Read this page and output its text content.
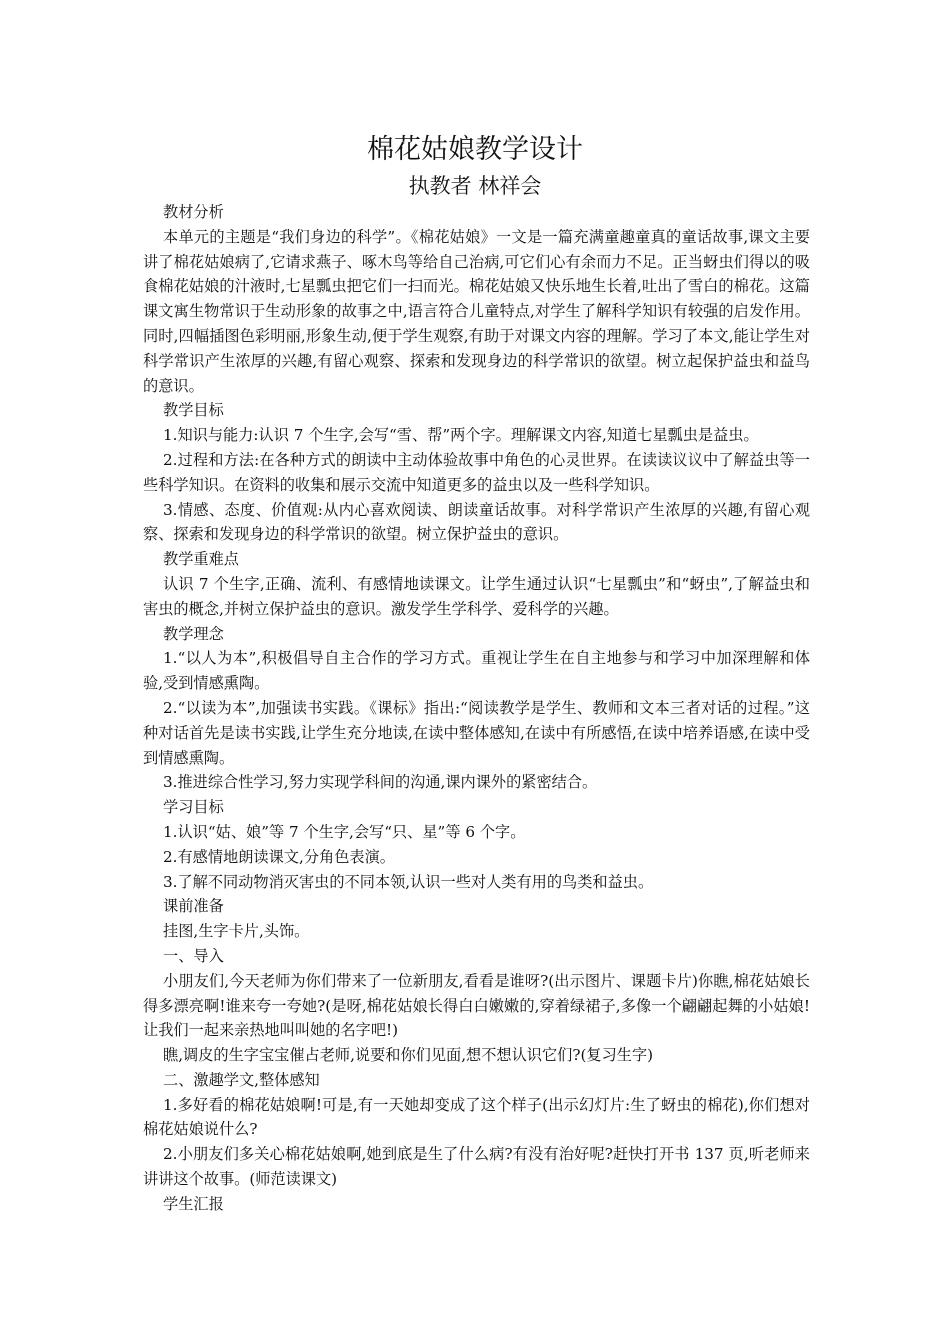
棉花姑娘教学设计
执教者 林祥会

教材分析

本单元的主题是“我们身边的科学”。《棉花姑娘》一文是一篇充满童趣童真的童话故事,课文主要讲了棉花姑娘病了,它请求燕子、啄木鸟等给自己治病,可它们心有余而力不足。正当蚜虫们得以的吸食棉花姑娘的汁液时,七星瓢虫把它们一扫而光。棉花姑娘又快乐地生长着,吐出了雪白的棉花。这篇课文寓生物常识于生动形象的故事之中,语言符合儿童特点,对学生了解科学知识有较强的启发作用。同时,四幅插图色彩明丽,形象生动,便于学生观察,有助于对课文内容的理解。学习了本文,能让学生对科学常识产生浓厚的兴趣,有留心观察、探索和发现身边的科学常识的欲望。树立起保护益虫和益鸟的意识。

教学目标

1.知识与能力:认识 7 个生字,会写“雪、帮”两个字。理解课文内容,知道七星瓢虫是益虫。

2.过程和方法:在各种方式的朗读中主动体验故事中角色的心灵世界。在读读议议中了解益虫等一些科学知识。在资料的收集和展示交流中知道更多的益虫以及一些科学知识。

3.情感、态度、价值观:从内心喜欢阅读、朗读童话故事。对科学常识产生浓厚的兴趣,有留心观察、探索和发现身边的科学常识的欲望。树立保护益虫的意识。

教学重难点

认识 7 个生字,正确、流利、有感情地读课文。让学生通过认识“七星瓢虫”和“蚜虫”,了解益虫和害虫的概念,并树立保护益虫的意识。激发学生学科学、爱科学的兴趣。

教学理念

1.“以人为本”,积极倡导自主合作的学习方式。重视让学生在自主地参与和学习中加深理解和体验,受到情感熏陶。

2.“以读为本”,加强读书实践。《课标》指出:“阅读教学是学生、教师和文本三者对话的过程。”这种对话首先是读书实践,让学生充分地读,在读中整体感知,在读中有所感悟,在读中培养语感,在读中受到情感熏陶。

3.推进综合性学习,努力实现学科间的沟通,课内课外的紧密结合。

学习目标

1.认识“姑、娘”等 7 个生字,会写“只、星”等 6 个字。

2.有感情地朗读课文,分角色表演。

3.了解不同动物消灭害虫的不同本领,认识一些对人类有用的鸟类和益虫。

课前准备

挂图,生字卡片,头饰。

一、导入

小朋友们,今天老师为你们带来了一位新朋友,看看是谁呀?(出示图片、课题卡片)你瞧,棉花姑娘长得多漂亮啊!谁来夸一夸她?(是呀,棉花姑娘长得白白嫩嫩的,穿着绿裙子,多像一个翩翩起舞的小姑娘!让我们一起来亲热地叫叫她的名字吧!)

瞧,调皮的生字宝宝催占老师,说要和你们见面,想不想认识它们?(复习生字)

二、激趣学文,整体感知

1.多好看的棉花姑娘啊!可是,有一天她却变成了这个样子(出示幻灯片:生了蚜虫的棉花),你们想对棉花姑娘说什么?

2.小朋友们多关心棉花姑娘啊,她到底是生了什么病?有没有治好呢?赶快打开书 137 页,听老师来讲讲这个故事。(师范读课文)

学生汇报
